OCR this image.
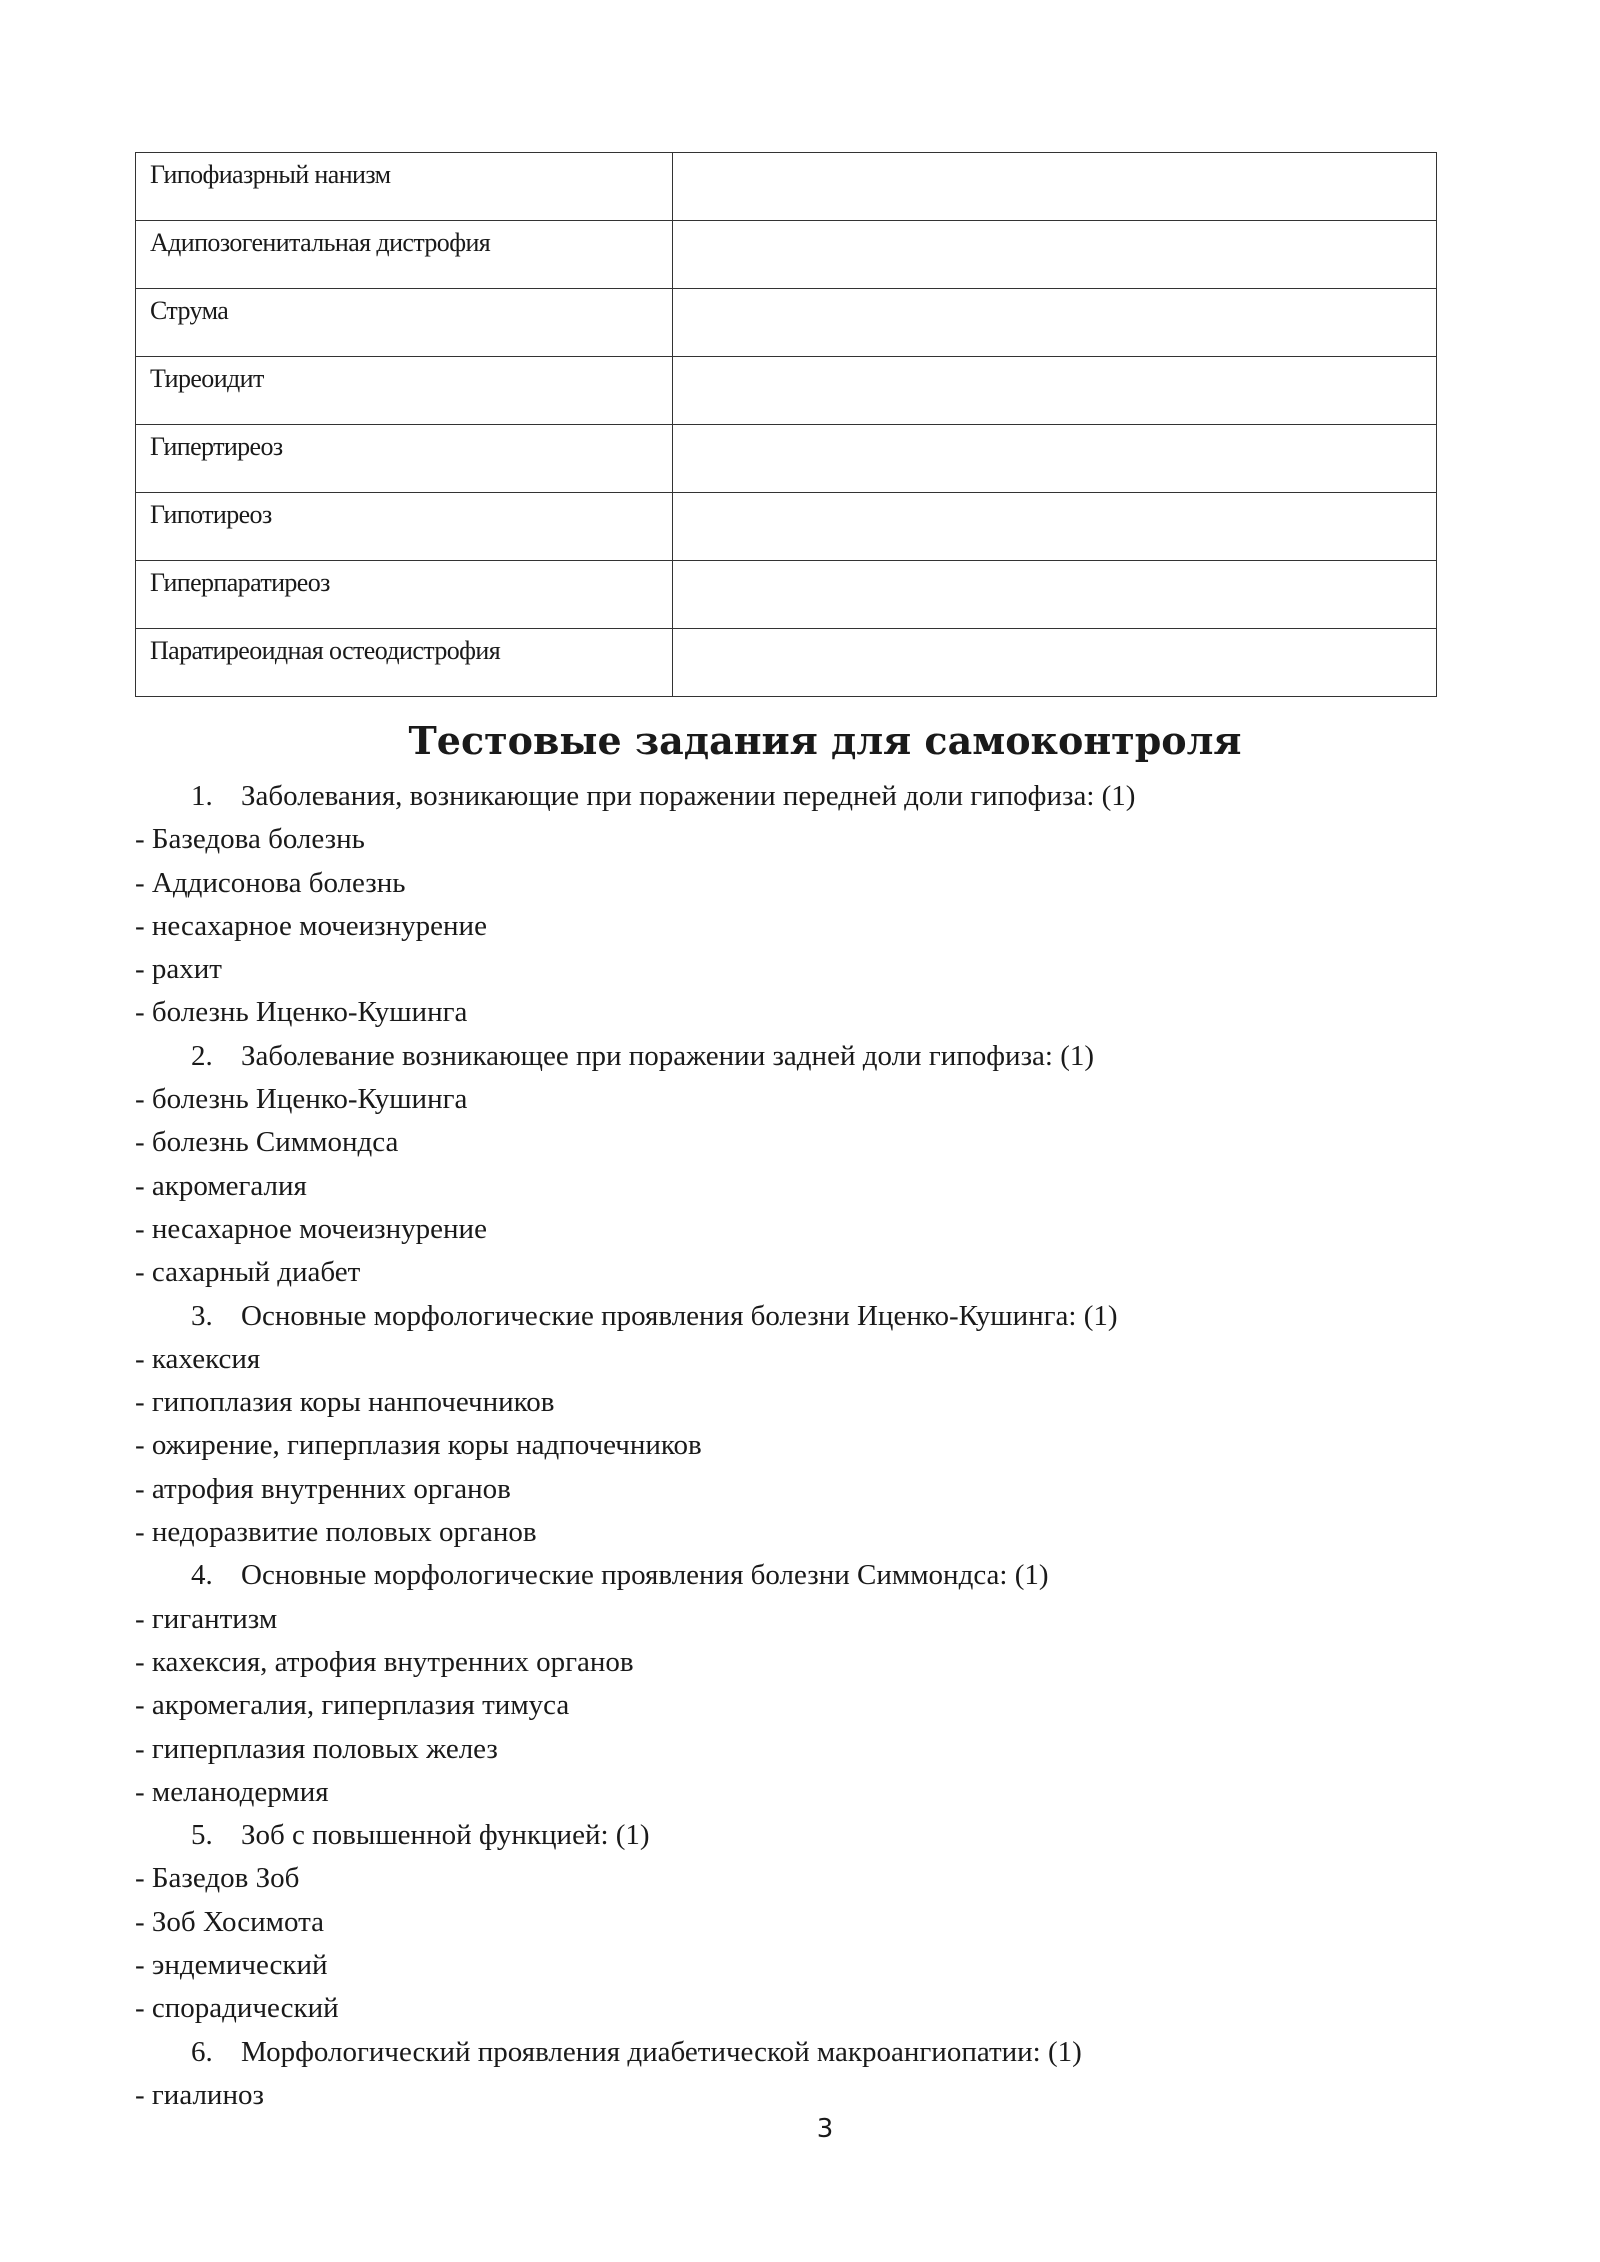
Гипофиазрный нанизм	
Адипозогенитальная дистрофия	
Струма	
Тиреоидит	
Гипертиреоз	
Гипотиреоз	
Гиперпаратиреоз	
Паратиреоидная остеодистрофия	
Тестовые задания для самоконтроля
1. Заболевания, возникающие при поражении передней доли гипофиза: (1)
- Базедова болезнь
- Аддисонова болезнь
- несахарное мочеизнурение
- рахит
- болезнь Иценко-Кушинга
2. Заболевание возникающее при поражении задней доли гипофиза: (1)
- болезнь Иценко-Кушинга
- болезнь Симмондса
- акромегалия
- несахарное мочеизнурение
- сахарный диабет
3. Основные морфологические проявления болезни Иценко-Кушинга: (1)
- кахексия
- гипоплазия коры нанпочечников
- ожирение, гиперплазия коры надпочечников
- атрофия внутренних органов
- недоразвитие половых органов
4. Основные морфологические проявления болезни Симмондса: (1)
- гигантизм
- кахексия, атрофия внутренних органов
- акромегалия, гиперплазия тимуса
- гиперплазия половых желез
- меланодермия
5. Зоб с повышенной функцией: (1)
- Базедов Зоб
- Зоб Хосимота
- эндемический
- спорадический
6. Морфологический проявления диабетической макроангиопатии: (1)
- гиалиноз
3
